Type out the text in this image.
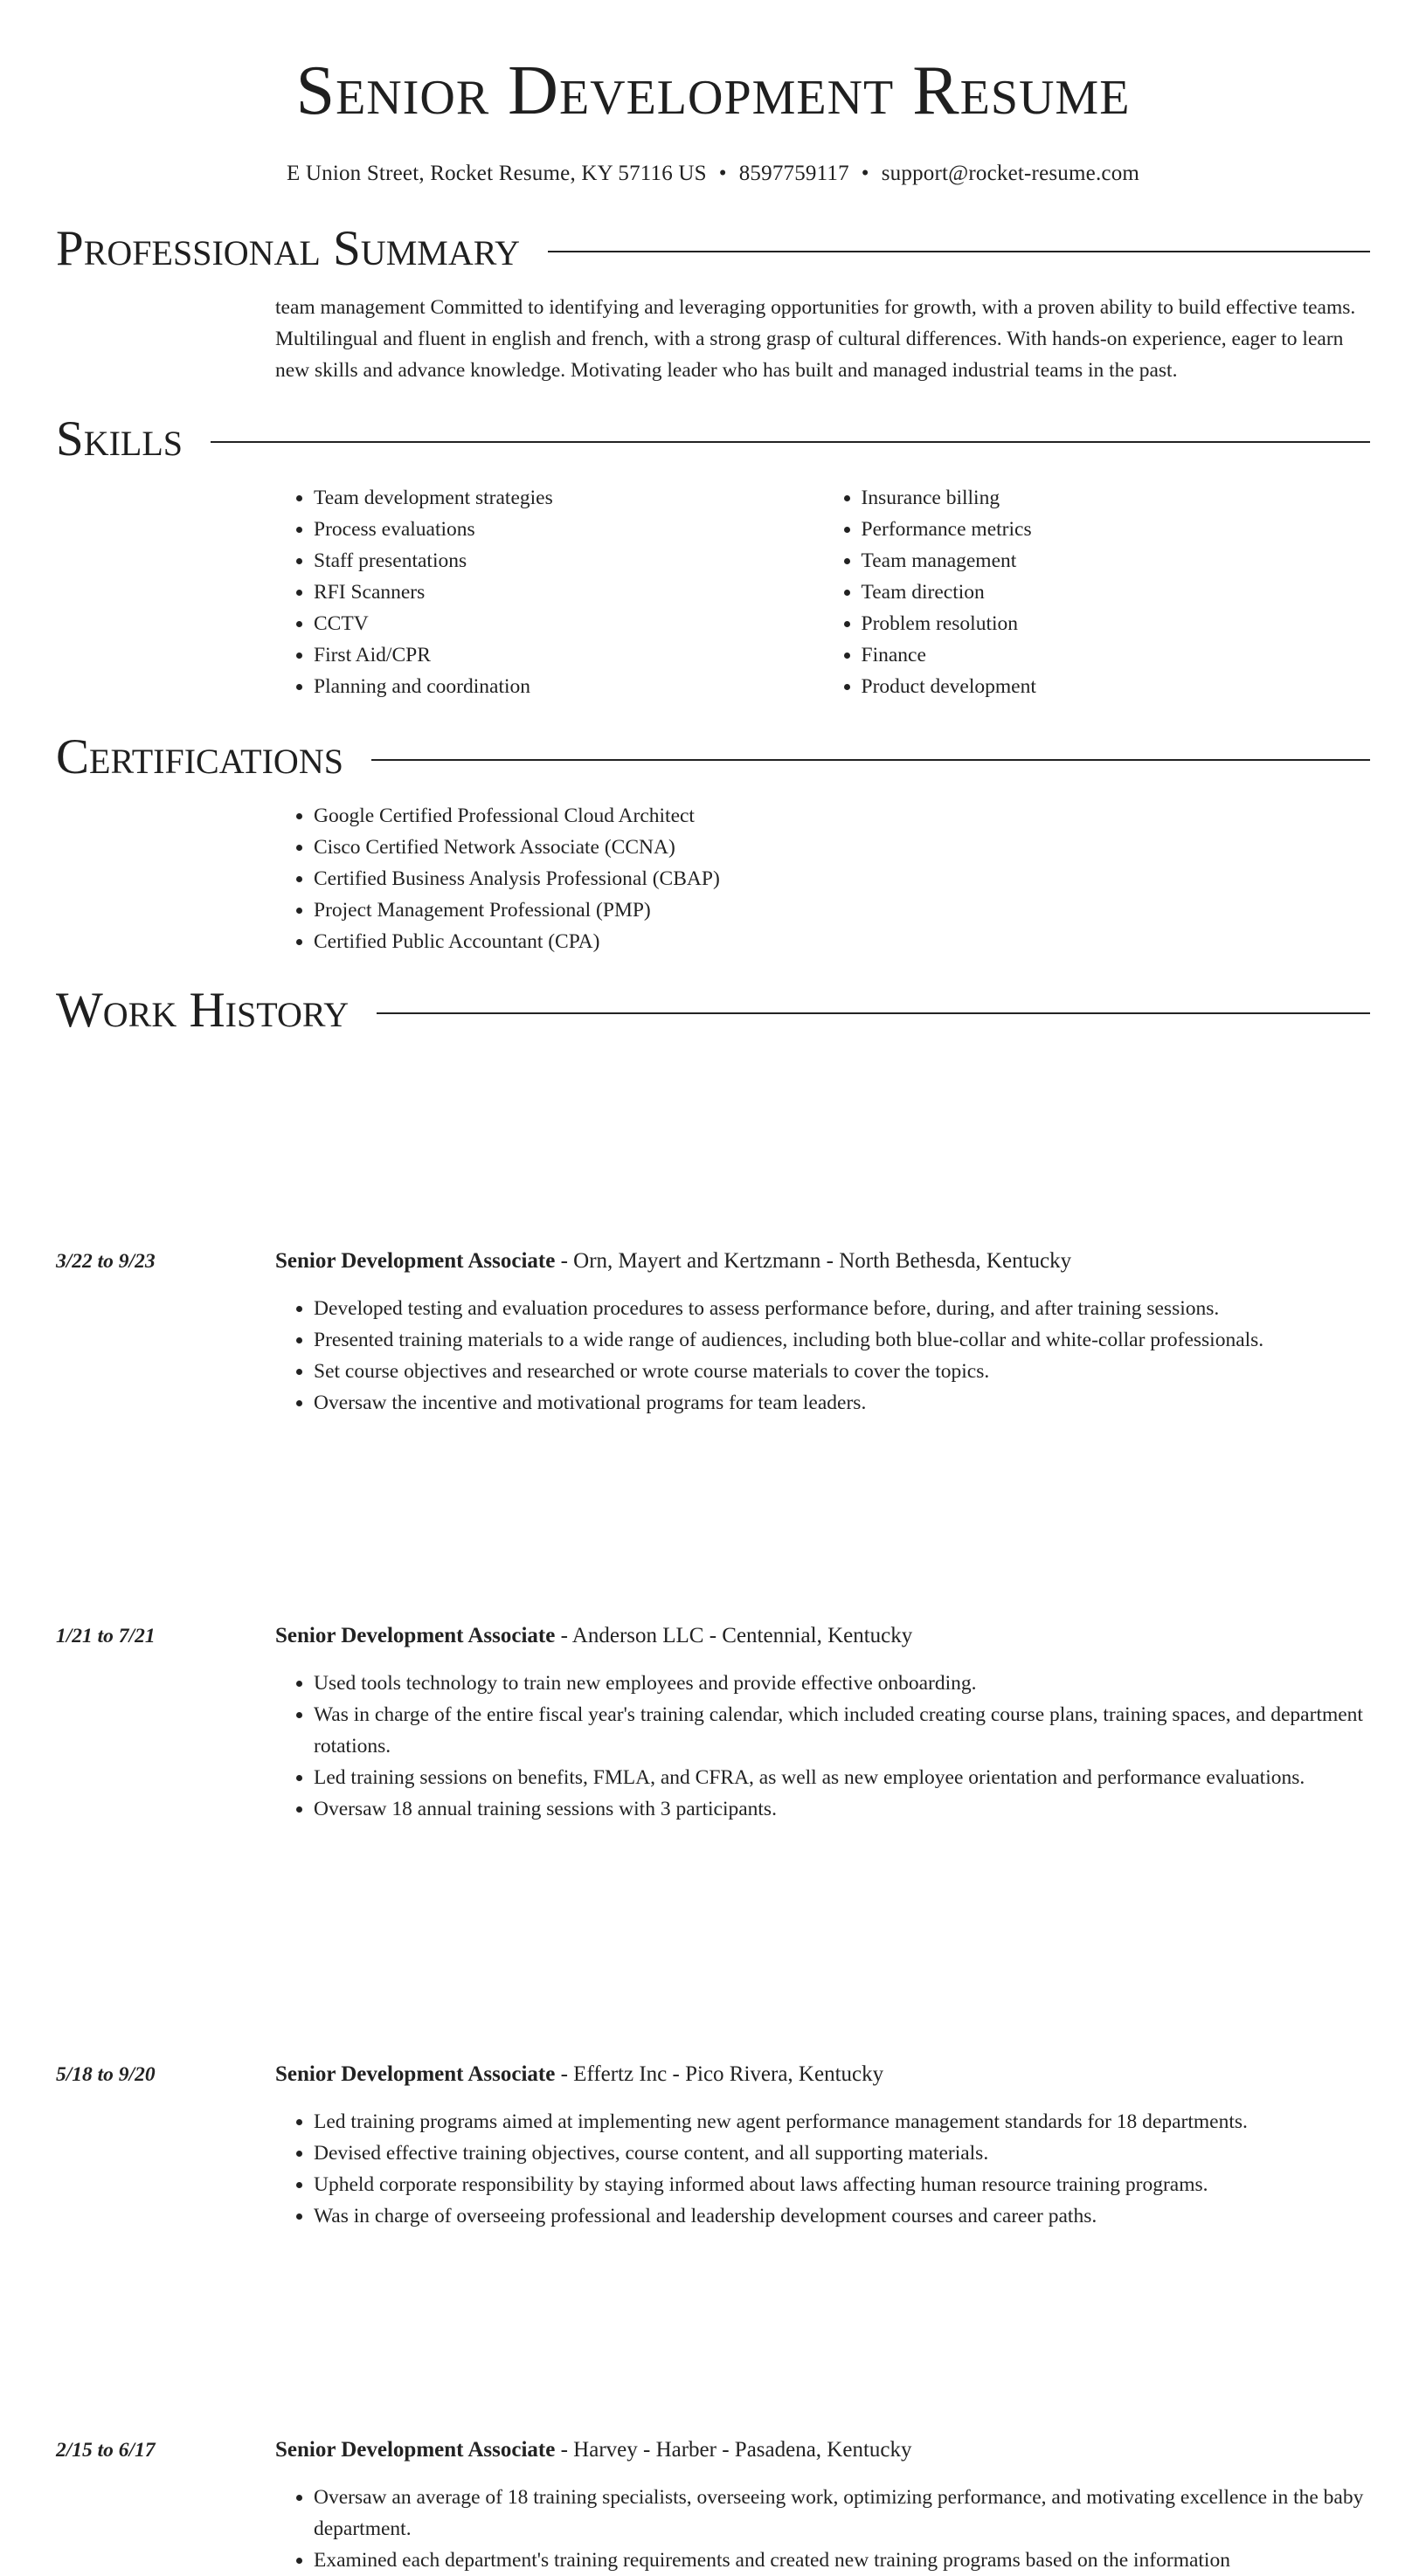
Senior Development Resume
E Union Street, Rocket Resume, KY 57116 US • 8597759117 • support@rocket-resume.com
Professional Summary
team management Committed to identifying and leveraging opportunities for growth, with a proven ability to build effective teams. Multilingual and fluent in english and french, with a strong grasp of cultural differences. With hands-on experience, eager to learn new skills and advance knowledge. Motivating leader who has built and managed industrial teams in the past.
Skills
• Team development strategies
• Process evaluations
• Staff presentations
• RFI Scanners
• CCTV
• First Aid/CPR
• Planning and coordination
• Insurance billing
• Performance metrics
• Team management
• Team direction
• Problem resolution
• Finance
• Product development
Certifications
• Google Certified Professional Cloud Architect
• Cisco Certified Network Associate (CCNA)
• Certified Business Analysis Professional (CBAP)
• Project Management Professional (PMP)
• Certified Public Accountant (CPA)
Work History
3/22 to 9/23	Senior Development Associate - Orn, Mayert and Kertzmann - North Bethesda, Kentucky
• Developed testing and evaluation procedures to assess performance before, during, and after training sessions.
• Presented training materials to a wide range of audiences, including both blue-collar and white-collar professionals.
• Set course objectives and researched or wrote course materials to cover the topics.
• Oversaw the incentive and motivational programs for team leaders.
1/21 to 7/21	Senior Development Associate - Anderson LLC - Centennial, Kentucky
• Used tools technology to train new employees and provide effective onboarding.
• Was in charge of the entire fiscal year's training calendar, which included creating course plans, training spaces, and department rotations.
• Led training sessions on benefits, FMLA, and CFRA, as well as new employee orientation and performance evaluations.
• Oversaw 18 annual training sessions with 3 participants.
5/18 to 9/20	Senior Development Associate - Effertz Inc - Pico Rivera, Kentucky
• Led training programs aimed at implementing new agent performance management standards for 18 departments.
• Devised effective training objectives, course content, and all supporting materials.
• Upheld corporate responsibility by staying informed about laws affecting human resource training programs.
• Was in charge of overseeing professional and leadership development courses and career paths.
2/15 to 6/17	Senior Development Associate - Harvey - Harber - Pasadena, Kentucky
• Oversaw an average of 18 training specialists, overseeing work, optimizing performance, and motivating excellence in the baby department.
• Examined each department's training requirements and created new training programs based on the information
